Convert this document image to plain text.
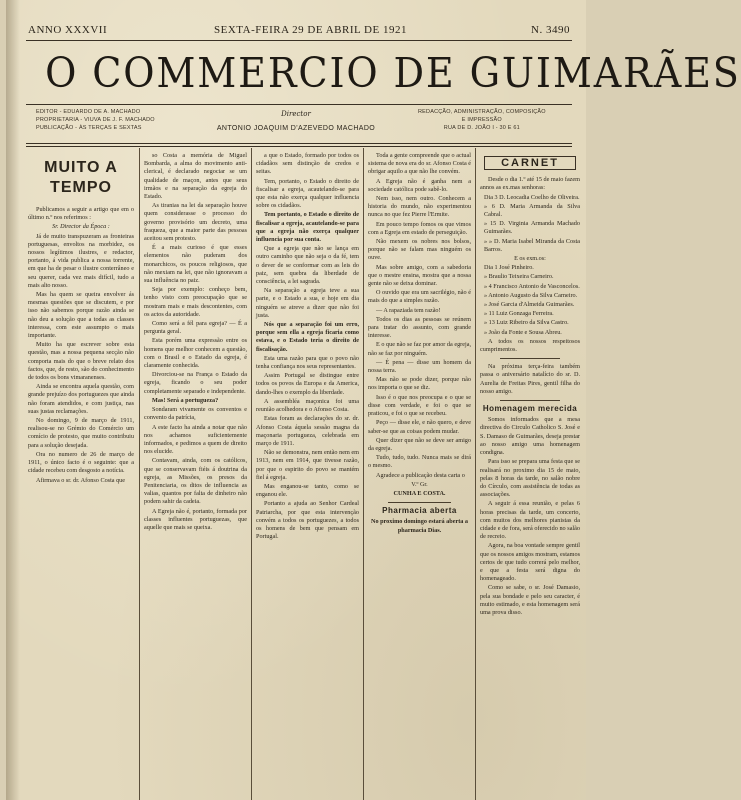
ANNO XXXVII	SEXTA-FEIRA 29 DE ABRIL DE 1921	N. 3490
O COMMERCIO DE GUIMARÃES
EDITOR - EDUARDO DE A. MACHADO
PROPRIETARIA - VIUVA DE J. F. MACHADO
PUBLICAÇÃO - ÀS TERÇAS E SEXTAS
Director
ANTONIO JOAQUIM D'AZEVEDO MACHADO
REDACÇÃO, ADMINISTRAÇÃO, COMPOSIÇÃO
E IMPRESSÃO
RUA DE D. JOÃO I - 30 E 61
MUITO A TEMPO

Publicamos a seguir a artigo que em o último n.º nos referimos :

Sr. Director da Época :

Já de muito transpuzeram as fronteiras portuguesas, envoltos na morbidez, os nossos legítimos ilustres, e redactor, portanto, á vida publica a nossa torrente, em que ha de pesar o ilustre conterrâneo e seu querer, cada vez mais difícil, tudo a mais alto nosso.

Mas ha quem se queira envolver ás mesmas questões que se discutem, e por isso não sabemos porque razão ainda se não deu a solução que a todas as classes interessa, com este assumpto o mais importante.

Muito ha que escrever sobre esta questão, mas a nossa pequena secção não comporta mais do que o breve relato dos factos, que, de resto, são do conhecimento de todos os bons vimaranenses.

Ainda se encontra aquela questão, com grande prejuízo dos portuguezes que ainda não foram atendidos, e com justiça, nas suas justas reclamações.

No domingo, 9 de março de 1911, realisou-se no Grémio do Comércio um comício de protesto, que muito contribuiu para a solução desejada.

Ora no numero de 26 de março de 1911, o único facto é o seguinte: que a cidade recebeu com desgosto a notícia.

Afirmava o sr. dr. Afonso Costa que

so Costa a memória de Miguel Bombarda, a alma do movimento anti-clerical, é declarado negociar se um qualidade de maçon, antes que seus irmãos e na separação da egreja do Estado.

As tiranias na lei da separação houve quem considerasse o processo do governo provisório um decreto, uma fraqueza, que a maior parte das pessoas aceitou sem protesto.

É a mais curioso é que esses elementos não puderam dos monarchicos, os poucos religiosos, que não mexiam na lei, que não ignoravam a sua influência no paiz.

Seja por exemplo: conheço bem, tenho visto com preocupação que se mostram mais e mais descontentes, com os actos da autoridade.

Como será a fél para egreja? — É a pergunta geral.

Esta porém uma expressão entre os homens que melhor conhecem a questão, com o Brasil e o Estado da egreja, é claramente conhecida.

Divorciou-se na França o Estado da egreja, ficando o seu poder completamente separado e independente.

Mas! Será a portugueza?

Sondaram vivamente os conventos e convento da patrícia,

A este facto ha ainda a notar que não nos achamos suficientemente informados, e pedimos a quem de direito nos elucide.

Contavam, ainda, com os católicos, que se conservavam fiéis á doutrina da egreja, as Missões, os presos da Penitenciaria, os ditos de influencia as valias, quantos por falta de dinheiro não podem sahir da cadeia.

A Egreja não é, portanto, formada por classes influentes portuguezas, que aquelle que mais se queixa.

a que o Estado, formado por todos os cidadãos sem distinção de credos e seitas.

Tem, portanto, o Estado o direito de fiscalisar a egreja, acautelando-se para que esta não exerça qualquer influencia sobre os cidadãos.

Tem portanto, o Estado o direito de fiscalisar a egreja, acautelando-se para que a egreja não exerça qualquer influencia por sua conta.

Que a egreja que não se lança em outro caminho que não seja o da fé, tem o dever de se conformar com as leis do paiz, sem quebra da liberdade de consciência, a lei sagrada.

Na separação a egreja teve a sua parte, e o Estado a sua, e hoje em dia ninguém se atreve a dizer que não foi justa.

Nós que a separação foi um erro, porque sem ella a egreja ficaria como estava, e o Estado teria o direito de fiscalisação.

Esta uma razão para que o povo não tenha confiança nos seus representantes.

Assim Portugal se distingue entre todos os povos da Europa e da America, dando-lhes o exemplo da liberdade.

A assembléa maçonica foi uma reunião acolhedora e o Afonso Costa.

Estas foram as declarações do sr. dr. Afonso Costa áquela sessão magna da maçonaria portugueza, celebrada em março de 1911.

Não se demonstra, nem então nem em 1913, nem em 1914, que tivesse razão, por que o espirito do povo se mantém fiel á egreja.

Mas enganou-se tanto, como se enganou ele.

Portanto a ajuda ao Senhor Cardeal Patriarcha, por que esta intervenção convém a todos os portuguezes, a todos os homens de bem que pensam em Portugal.

Toda a gente compreende que o actual sistema de nova era do sr. Afonso Costa é obrigar aquilo a que não lhe convém.

A Egreja não é ganha nem a sociedade católica pode sabê-lo.

Nem isso, nem outro. Conhecem a historia do mundo, não experimentou nunca no que fez Pierre l'Ermite.

Em pouco tempo fomos os que vimos com a Egreja em estado de perseguição.

Não mexem os nobres nos bolsos, porque não se falam mas ninguém os ouve.

Mas sobre amigo, com a sabedoria que o mestre ensina, mostra que a nossa gente não se deixa dominar.

O ouvido que era um sacrilégio, não é mais do que a simples razão.

— A rapaziada tem razão!

Todos os dias as pessoas se reúnem para tratar do assunto, com grande interesse.

E o que não se faz por amor da egreja, não se faz por ninguém.

— É pena — disse um homem da nossa terra.

Mas não se pode dizer, porque não nos importa o que se diz.

Isso é o que nos preocupa e o que se disse com verdade, e foi o que se praticou, e foi o que se recebeu.

Peço — disse ele, e não quero, e deve saber-se que as coisas podem mudar.

Quer dizer que não se deve ser amigo da egreja.

Tudo, tudo, tudo. Nunca mais se dirá o mesmo.

Agradece a publicação desta carta o

V.º Gr.

CUNHA E COSTA.

Pharmacia aberta

No proximo domingo estará aberta a pharmacia Dias.

CARNET

Desde o dia 1.º até 15 de maio fazem annos as ex.mas senhoras:

Dia 3 D. Leocadia Coelho de Oliveira.

» 6 D. Maria Armanda da Silva Cabral.

» 15 D. Virginia Armanda Machado Guimarães.

» » D. Maria Isabel Miranda da Costa Barros.

E os exm.os:

Dia 1 José Pinheiro.

» Braulio Teixeira Carneiro.

» 4 Francisco Antonio de Vasconcelos.

» Antonio Augusto da Silva Carneiro.

» José Garcia d'Almeida Guimarães.

» 11 Luiz Gonzaga Ferreira.

» 13 Luiz Ribeiro da Silva Castro.

» João da Fonte e Sousa Abreu.

A todos os nossos respeitosos cumprimentos.

Na próxima terça-feira também passa o aniversário natalício do sr. D. Aurelia de Freitas Pires, gentil filha do nosso amigo.

Homenagem merecida

Somos informados que a mesa directiva do Circulo Catholico S. José e S. Damaso de Guimarães, deseja prestar ao nosso amigo uma homenagem condigna.

Para isso se prepara uma festa que se realisará no proximo dia 15 de maio, pelas 8 horas da tarde, no salão nobre do Círculo, com assistência de todas as associações.

A seguir á essa reunião, e pelas 6 horas precisas da tarde, um concerto, com muitos dos melhores pianistas da cidade e de fora, será oferecido no salão de recreio.

Agora, na boa vontade sempre gentil que os nossos amigos mostram, estamos certos de que tudo correrá pelo melhor, e que a festa será digna do homenageado.

Como se sabe, o sr. José Damasio, pela sua bondade e pelo seu caracter, é muito estimado, e esta homenagem será uma prova disso.
